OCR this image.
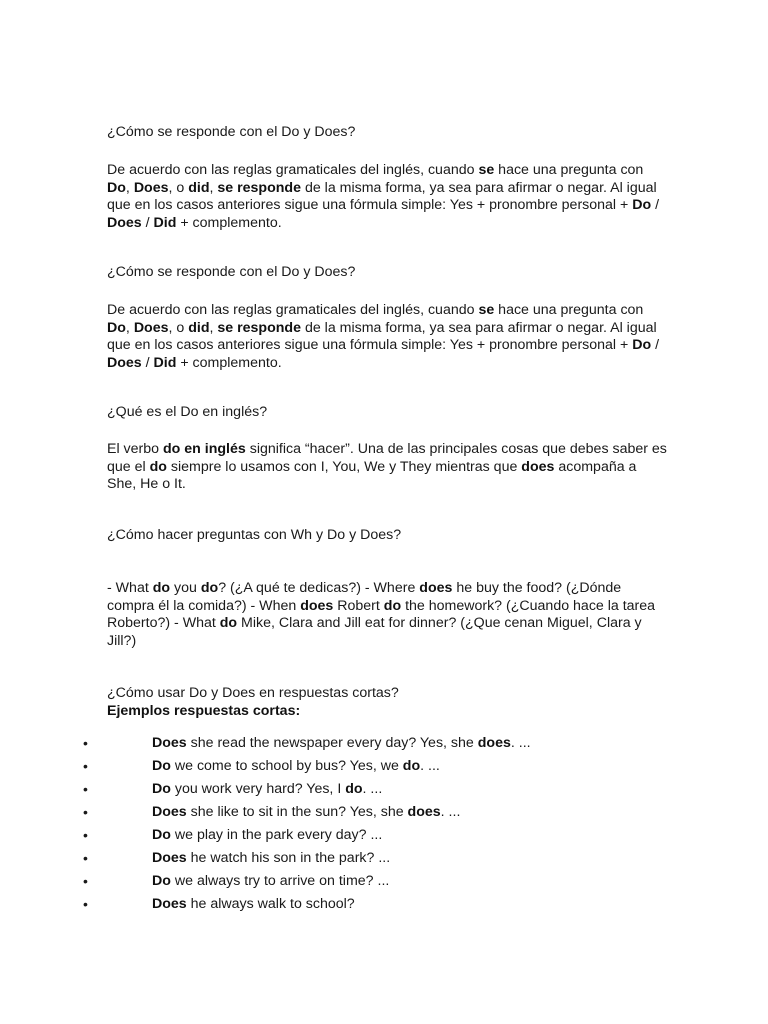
¿Cómo se responde con el Do y Does?

De acuerdo con las reglas gramaticales del inglés, cuando se hace una pregunta con Do, Does, o did, se responde de la misma forma, ya sea para afirmar o negar. Al igual que en los casos anteriores sigue una fórmula simple: Yes + pronombre personal + Do / Does / Did + complemento.

¿Cómo se responde con el Do y Does?

De acuerdo con las reglas gramaticales del inglés, cuando se hace una pregunta con Do, Does, o did, se responde de la misma forma, ya sea para afirmar o negar. Al igual que en los casos anteriores sigue una fórmula simple: Yes + pronombre personal + Do / Does / Did + complemento.

¿Qué es el Do en inglés?

El verbo do en inglés significa “hacer”. Una de las principales cosas que debes saber es que el do siempre lo usamos con I, You, We y They mientras que does acompaña a She, He o It.

¿Cómo hacer preguntas con Wh y Do y Does?

- What do you do? (¿A qué te dedicas?) - Where does he buy the food? (¿Dónde compra él la comida?) - When does Robert do the homework? (¿Cuando hace la tarea Roberto?) - What do Mike, Clara and Jill eat for dinner? (¿Que cenan Miguel, Clara y Jill?)

¿Cómo usar Do y Does en respuestas cortas?

Ejemplos respuestas cortas:

•	Does she read the newspaper every day? Yes, she does. ...
•	Do we come to school by bus? Yes, we do. ...
•	Do you work very hard? Yes, I do. ...
•	Does she like to sit in the sun? Yes, she does. ...
•	Do we play in the park every day? ...
•	Does he watch his son in the park? ...
•	Do we always try to arrive on time? ...
•	Does he always walk to school?
